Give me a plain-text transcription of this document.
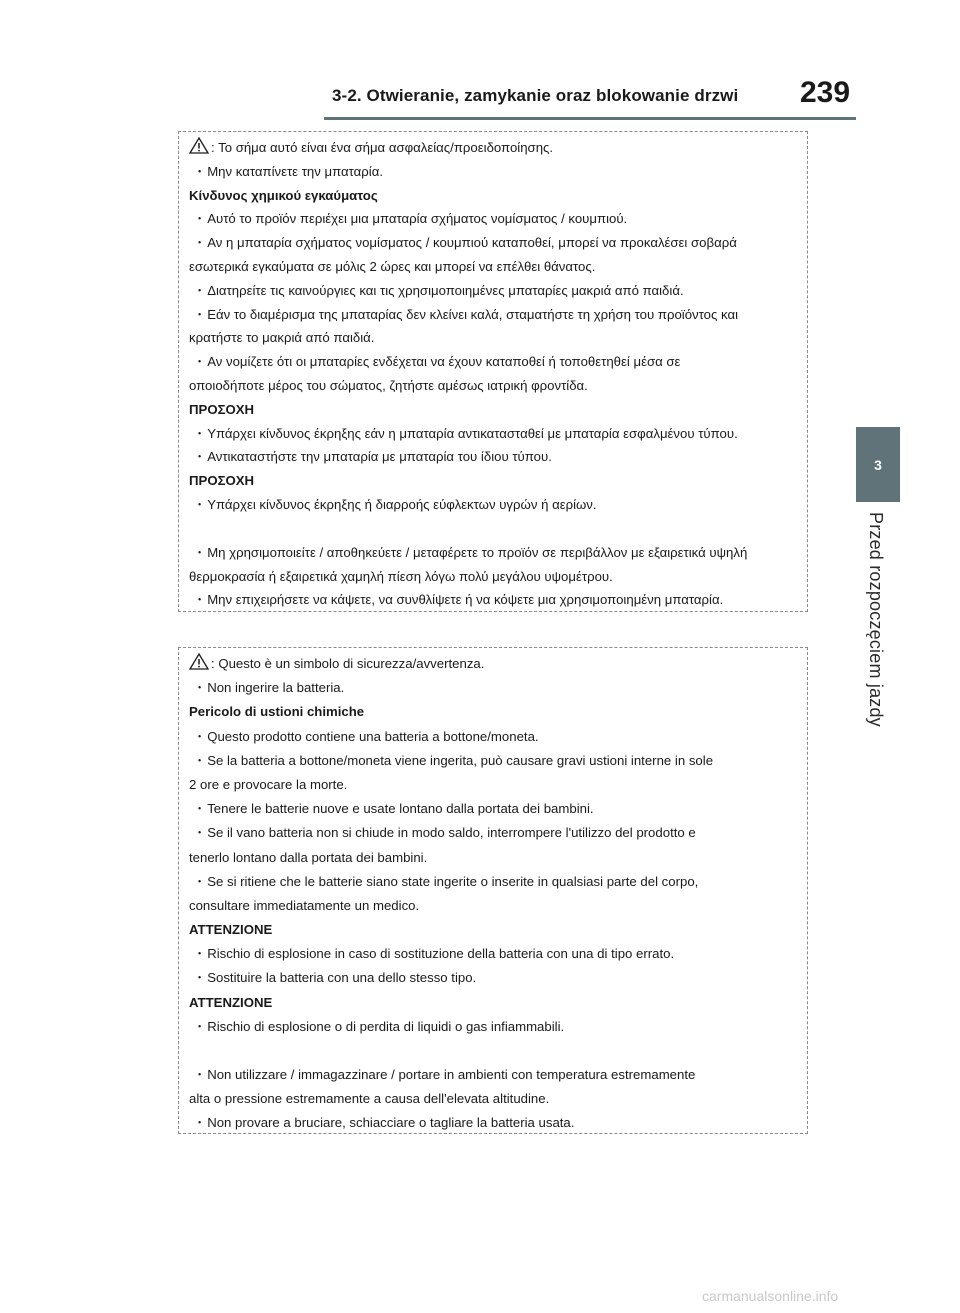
3-2. Otwieranie, zamykanie oraz blokowanie drzwi 239
3
Przed rozpoczęciem jazdy
: Το σήμα αυτό είναι ένα σήμα ασφαλείας/προειδοποίησης.
・ Μην καταπίνετε την μπαταρία.
Κίνδυνος χημικού εγκαύματος
・ Αυτό το προϊόν περιέχει μια μπαταρία σχήματος νομίσματος / κουμπιού.
・ Αν η μπαταρία σχήματος νομίσματος / κουμπιού καταποθεί, μπορεί να προκαλέσει σοβαρά
εσωτερικά εγκαύματα σε μόλις 2 ώρες και μπορεί να επέλθει θάνατος.
・ Διατηρείτε τις καινούργιες και τις χρησιμοποιημένες μπαταρίες μακριά από παιδιά.
・ Εάν το διαμέρισμα της μπαταρίας δεν κλείνει καλά, σταματήστε τη χρήση του προϊόντος και
κρατήστε το μακριά από παιδιά.
・ Αν νομίζετε ότι οι μπαταρίες ενδέχεται να έχουν καταποθεί ή τοποθετηθεί μέσα σε
οποιοδήποτε μέρος του σώματος, ζητήστε αμέσως ιατρική φροντίδα.
ΠΡΟΣΟΧΗ
・ Υπάρχει κίνδυνος έκρηξης εάν η μπαταρία αντικατασταθεί με μπαταρία εσφαλμένου τύπου.
・ Αντικαταστήστε την μπαταρία με μπαταρία του ίδιου τύπου.
ΠΡΟΣΟΧΗ
・ Υπάρχει κίνδυνος έκρηξης ή διαρροής εύφλεκτων υγρών ή αερίων.
・ Μη χρησιμοποιείτε / αποθηκεύετε / μεταφέρετε το προϊόν σε περιβάλλον με εξαιρετικά υψηλή
θερμοκρασία ή εξαιρετικά χαμηλή πίεση λόγω πολύ μεγάλου υψομέτρου.
・ Μην επιχειρήσετε να κάψετε, να συνθλίψετε ή να κόψετε μια χρησιμοποιημένη μπαταρία.
: Questo è un simbolo di sicurezza/avvertenza.
・ Non ingerire la batteria.
Pericolo di ustioni chimiche
・ Questo prodotto contiene una batteria a bottone/moneta.
・ Se la batteria a bottone/moneta viene ingerita, può causare gravi ustioni interne in sole
2 ore e provocare la morte.
・ Tenere le batterie nuove e usate lontano dalla portata dei bambini.
・ Se il vano batteria non si chiude in modo saldo, interrompere l'utilizzo del prodotto e
tenerlo lontano dalla portata dei bambini.
・ Se si ritiene che le batterie siano state ingerite o inserite in qualsiasi parte del corpo,
consultare immediatamente un medico.
ATTENZIONE
・ Rischio di esplosione in caso di sostituzione della batteria con una di tipo errato.
・ Sostituire la batteria con una dello stesso tipo.
ATTENZIONE
・ Rischio di esplosione o di perdita di liquidi o gas infiammabili.
・ Non utilizzare / immagazzinare / portare in ambienti con temperatura estremamente
alta o pressione estremamente a causa dell'elevata altitudine.
・ Non provare a bruciare, schiacciare o tagliare la batteria usata.
carmanualsonline.info
